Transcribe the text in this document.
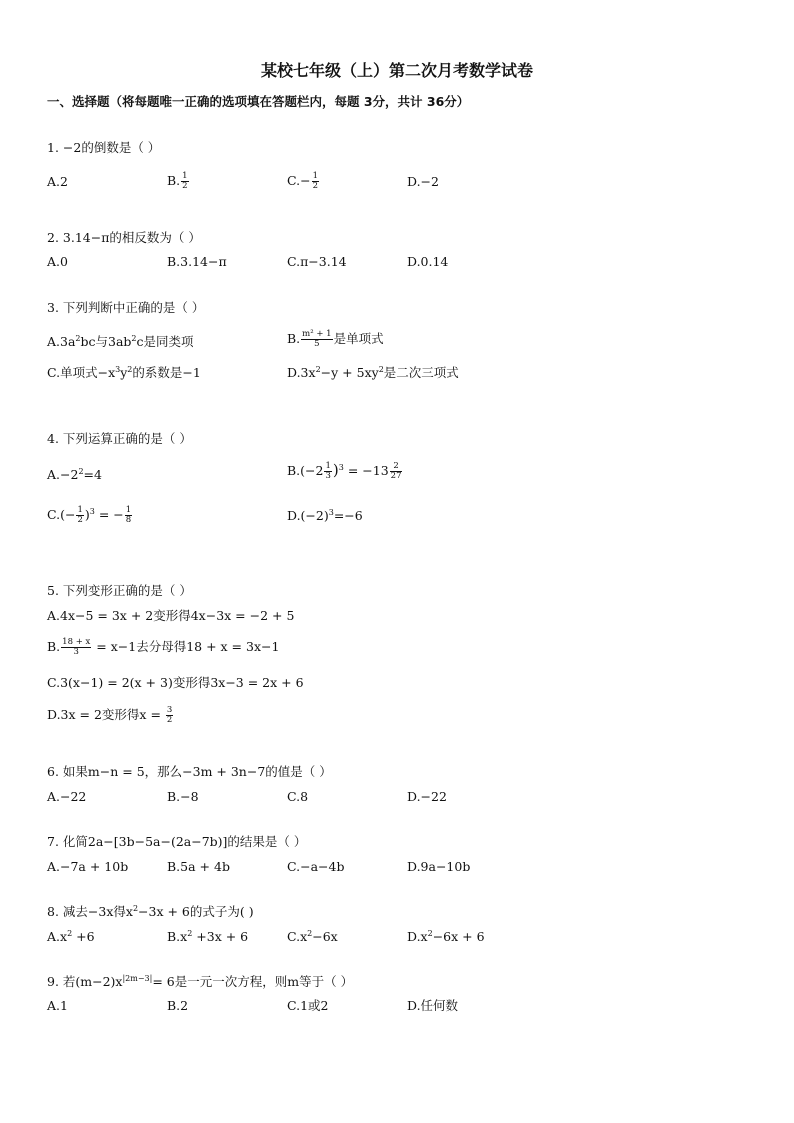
某校七年级（上）第二次月考数学试卷
一、选择题（将每题唯一正确的选项填在答题栏内，每题 3分，共计 36分）
1. −2的倒数是（ ）
A.2	B. $\frac{1}{2}$	$C.- \frac{1}{2}$	D.−2
2. 3.14−π的相反数为（ ）
A.0	B.3.14−π	C.π−3.14	D.0.14
3. 下列判断中正确的是（ ）
$A.3a^2bc$与$3ab^2c$是同类项	B. $\frac{\text{m² + 1}}{5}$ 是单项式
C.单项式$-x^3y^2$的系数是−1	$D.3x^2-y + 5xy^2$是二次三项式
4. 下列运算正确的是（ ）
$A.-2^2=4$	$B.(-2 \frac{1}{3} )^3 = -13 \frac{2}{27}$
$C.(- \frac{1}{2} )^3$ = − $\frac{1}{8}$	$D.(-2)^3=-6$
5. 下列变形正确的是（ ）
A.4x−5 = 3x + 2变形得4x−3x = −2 + 5
B. $\frac{18 + x}{3} = x-1$去分母得18 + x = 3x−1
C.3(x−1) = 2(x + 3)变形得3x−3 = 2x + 6
D.3x = 2变形得$x = \frac{3}{2}$
6. 如果m−n = 5，那么−3m + 3n−7的值是（ ）
A.−22	B.−8	C.8	D.−22
7. 化简2a−[3b−5a−(2a−7b)]的结果是（ ）
A.−7a + 10b	B.5a + 4b	C.−a−4b	D.9a−10b
8. 减去−3x得$x^2-3x + 6$的式子为( )
$A.x^2 +6$	$B.x^2 +3x + 6$	$C.x^2-6x$	$D.x^2-6x + 6$
9. 若$(m-2)x^{|2m-3|}= 6$是一元一次方程，则m等于（ ）
A.1	B.2	C.1或2	D.任何数
